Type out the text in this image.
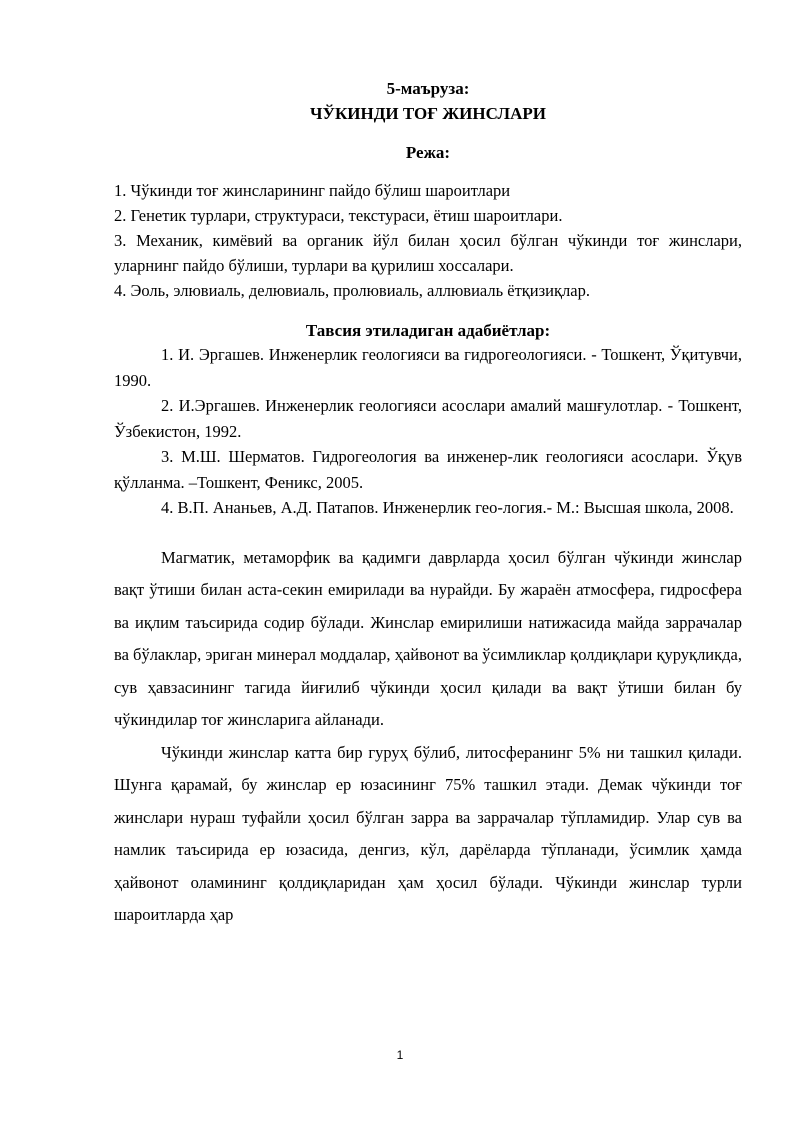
5-маъруза:
ЧЎКИНДИ ТОҒ ЖИНСЛАРИ
Режа:
1. Чўкинди тоғ жинсларининг пайдо бўлиш шароитлари
2. Генетик турлари, структураси, текстураси, ётиш шароитлари.
3. Механик, кимёвий ва органик йўл билан ҳосил бўлган чўкинди тоғ жинслари, уларнинг пайдо бўлиши, турлари ва қурилиш хоссалари.
4. Эоль, элювиаль, делювиаль, пролювиаль, аллювиаль ётқизиқлар.
Тавсия этиладиган адабиётлар:
1. И. Эргашев. Инженерлик геологияси ва гидрогеологияси. - Тошкент, Ўқитувчи, 1990.
2. И.Эргашев. Инженерлик геологияси асослари амалий машғулотлар. - Тошкент, Ўзбекистон, 1992.
3. М.Ш. Шерматов. Гидрогеология ва инженер-лик геологияси асослари. Ўқув қўлланма. –Тошкент, Феникс, 2005.
4. В.П. Ананьев, А.Д. Патапов. Инженерлик гео-логия.- М.: Высшая школа, 2008.

Магматик, метаморфик ва қадимги даврларда ҳосил бўлган чўкинди жинслар вақт ўтиши билан аста-секин емирилади ва нурайди. Бу жараён атмосфера, гидросфера ва иқлим таъсирида содир бўлади. Жинслар емирилиши натижасида майда заррачалар ва бўлаклар, эриган минерал моддалар, ҳайвонот ва ўсимликлар қолдиқлари қуруқликда, сув ҳавзасининг тагида йиғилиб чўкинди ҳосил қилади ва вақт ўтиши билан бу чўкиндилар тоғ жинсларига айланади.

Чўкинди жинслар катта бир гуруҳ бўлиб, литосферанинг 5% ни ташкил қилади. Шунга қарамай, бу жинслар ер юзасининг 75% ташкил этади. Демак чўкинди тоғ жинслари нураш туфайли ҳосил бўлган зарра ва заррачалар тўпламидир. Улар сув ва намлик таъсирида ер юзасида, денгиз, кўл, дарёларда тўпланади, ўсимлик ҳамда ҳайвонот оламининг қолдиқларидан ҳам ҳосил бўлади. Чўкинди жинслар турли шароитларда ҳар

1
